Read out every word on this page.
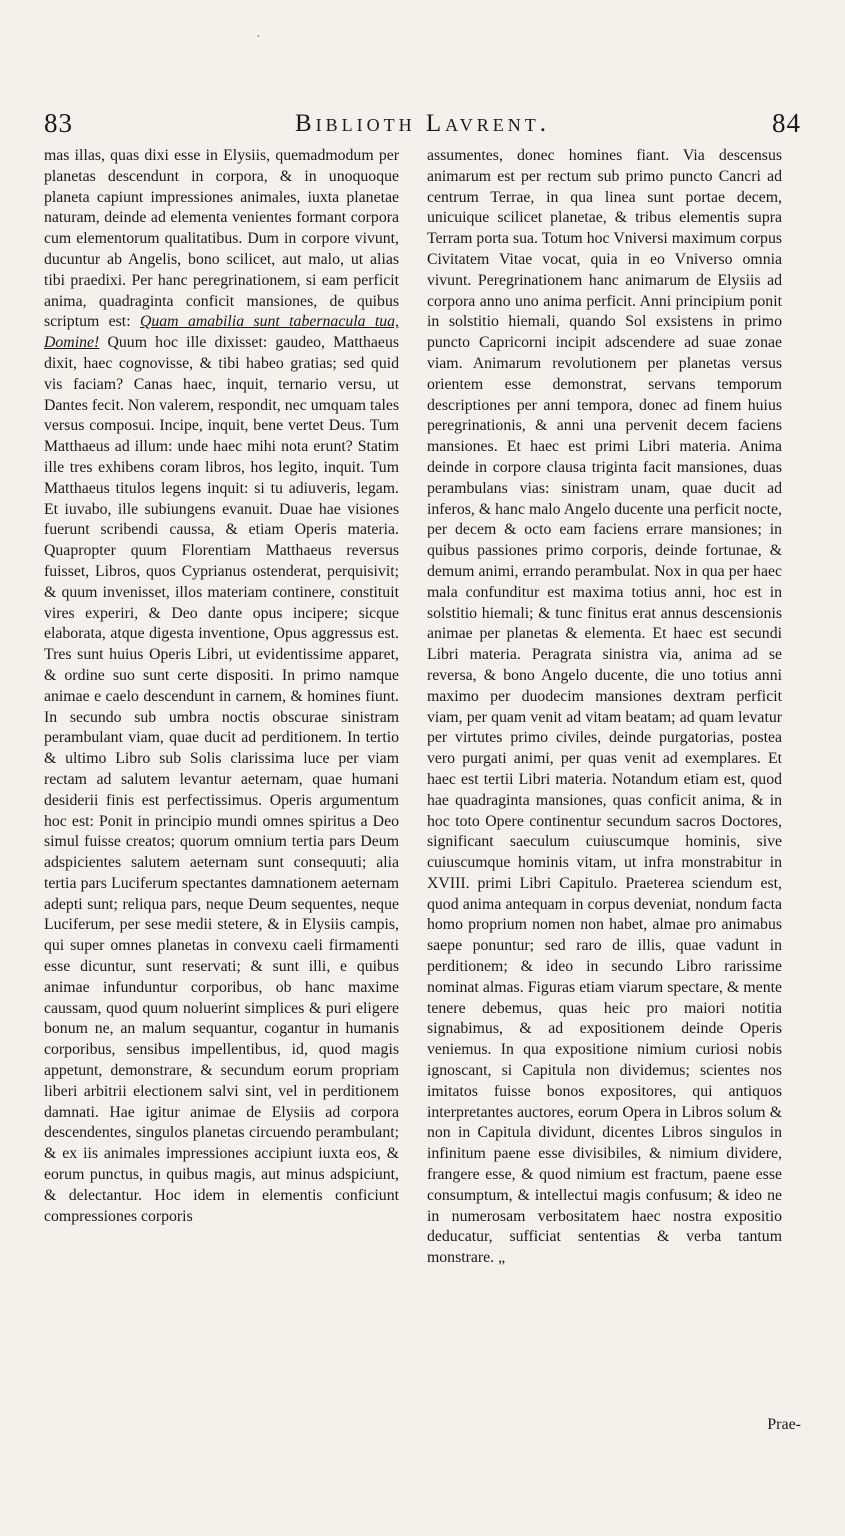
·
83	Biblioth Lavrent.	84

mas illas, quas dixi esse in Elysiis, quemadmodum per planetas descendunt in corpora, & in unoquoque planeta capiunt impressiones animales, iuxta planetae naturam, deinde ad elementa venientes formant corpora cum elementorum qualitatibus. Dum in corpore vivunt, ducuntur ab Angelis, bono scilicet, aut malo, ut alias tibi praedixi. Per hanc peregrinationem, si eam perficit anima, quadraginta conficit mansiones, de quibus scriptum est: Quam amabilia sunt tabernacula tua, Domine! Quum hoc ille dixisset: gaudeo, Matthaeus dixit, haec cognovisse, & tibi habeo gratias; sed quid vis faciam? Canas haec, inquit, ternario versu, ut Dantes fecit. Non valerem, respondit, nec umquam tales versus composui. Incipe, inquit, bene vertet Deus. Tum Matthaeus ad illum: unde haec mihi nota erunt? Statim ille tres exhibens coram libros, hos legito, inquit. Tum Matthaeus titulos legens inquit: si tu adiuveris, legam. Et iuvabo, ille subiungens evanuit. Duae hae visiones fuerunt scribendi caussa, & etiam Operis materia. Quapropter quum Florentiam Matthaeus reversus fuisset, Libros, quos Cyprianus ostenderat, perquisivit; & quum invenisset, illos materiam continere, constituit vires experiri, & Deo dante opus incipere; sicque elaborata, atque digesta inventione, Opus aggressus est. Tres sunt huius Operis Libri, ut evidentissime apparet, & ordine suo sunt certe dispositi. In primo namque animae e caelo descendunt in carnem, & homines fiunt. In secundo sub umbra noctis obscurae sinistram perambulant viam, quae ducit ad perditionem. In tertio & ultimo Libro sub Solis clarissima luce per viam rectam ad salutem levantur aeternam, quae humani desiderii finis est perfectissimus. Operis argumentum hoc est: Ponit in principio mundi omnes spiritus a Deo simul fuisse creatos; quorum omnium tertia pars Deum adspicientes salutem aeternam sunt consequuti; alia tertia pars Luciferum spectantes damnationem aeternam adepti sunt; reliqua pars, neque Deum sequentes, neque Luciferum, per sese medii stetere, & in Elysiis campis, qui super omnes planetas in convexu caeli firmamenti esse dicuntur, sunt reservati; & sunt illi, e quibus animae infunduntur corporibus, ob hanc maxime caussam, quod quum noluerint simplices & puri eligere bonum ne, an malum sequantur, cogantur in humanis corporibus, sensibus impellentibus, id, quod magis appetunt, demonstrare, & secundum eorum propriam liberi arbitrii electionem salvi sint, vel in perditionem damnati. Hae igitur animae de Elysiis ad corpora descendentes, singulos planetas circuendo perambulant; & ex iis animales impressiones accipiunt iuxta eos, & eorum punctus, in quibus magis, aut minus adspiciunt, & delectantur. Hoc idem in elementis conficiunt compressiones corporis

assumentes, donec homines fiant. Via descensus animarum est per rectum sub primo puncto Cancri ad centrum Terrae, in qua linea sunt portae decem, unicuique scilicet planetae, & tribus elementis supra Terram porta sua. Totum hoc Vniversi maximum corpus Civitatem Vitae vocat, quia in eo Vniverso omnia vivunt. Peregrinationem hanc animarum de Elysiis ad corpora anno uno anima perficit. Anni principium ponit in solstitio hiemali, quando Sol exsistens in primo puncto Capricorni incipit adscendere ad suae zonae viam. Animarum revolutionem per planetas versus orientem esse demonstrat, servans temporum descriptiones per anni tempora, donec ad finem huius peregrinationis, & anni una pervenit decem faciens mansiones. Et haec est primi Libri materia. Anima deinde in corpore clausa triginta facit mansiones, duas perambulans vias: sinistram unam, quae ducit ad inferos, & hanc malo Angelo ducente una perficit nocte, per decem & octo eam faciens errare mansiones; in quibus passiones primo corporis, deinde fortunae, & demum animi, errando perambulat. Nox in qua per haec mala confunditur est maxima totius anni, hoc est in solstitio hiemali; & tunc finitus erat annus descensionis animae per planetas & elementa. Et haec est secundi Libri materia. Peragrata sinistra via, anima ad se reversa, & bono Angelo ducente, die uno totius anni maximo per duodecim mansiones dextram perficit viam, per quam venit ad vitam beatam; ad quam levatur per virtutes primo civiles, deinde purgatorias, postea vero purgati animi, per quas venit ad exemplares. Et haec est tertii Libri materia. Notandum etiam est, quod hae quadraginta mansiones, quas conficit anima, & in hoc toto Opere continentur secundum sacros Doctores, significant saeculum cuiuscumque hominis, sive cuiuscumque hominis vitam, ut infra monstrabitur in XVIII. primi Libri Capitulo. Praeterea sciendum est, quod anima antequam in corpus deveniat, nondum facta homo proprium nomen non habet, almae pro animabus saepe ponuntur; sed raro de illis, quae vadunt in perditionem; & ideo in secundo Libro rarissime nominat almas. Figuras etiam viarum spectare, & mente tenere debemus, quas heic pro maiori notitia signabimus, & ad expositionem deinde Operis veniemus. In qua expositione nimium curiosi nobis ignoscant, si Capitula non dividemus; scientes nos imitatos fuisse bonos expositores, qui antiquos interpretantes auctores, eorum Opera in Libros solum & non in Capitula dividunt, dicentes Libros singulos in infinitum paene esse divisibiles, & nimium dividere, frangere esse, & quod nimium est fractum, paene esse consumptum, & intellectui magis confusum; & ideo ne in numerosam verbositatem haec nostra expositio deducatur, sufficiat sententias & verba tantum monstrare. „

Prae-
